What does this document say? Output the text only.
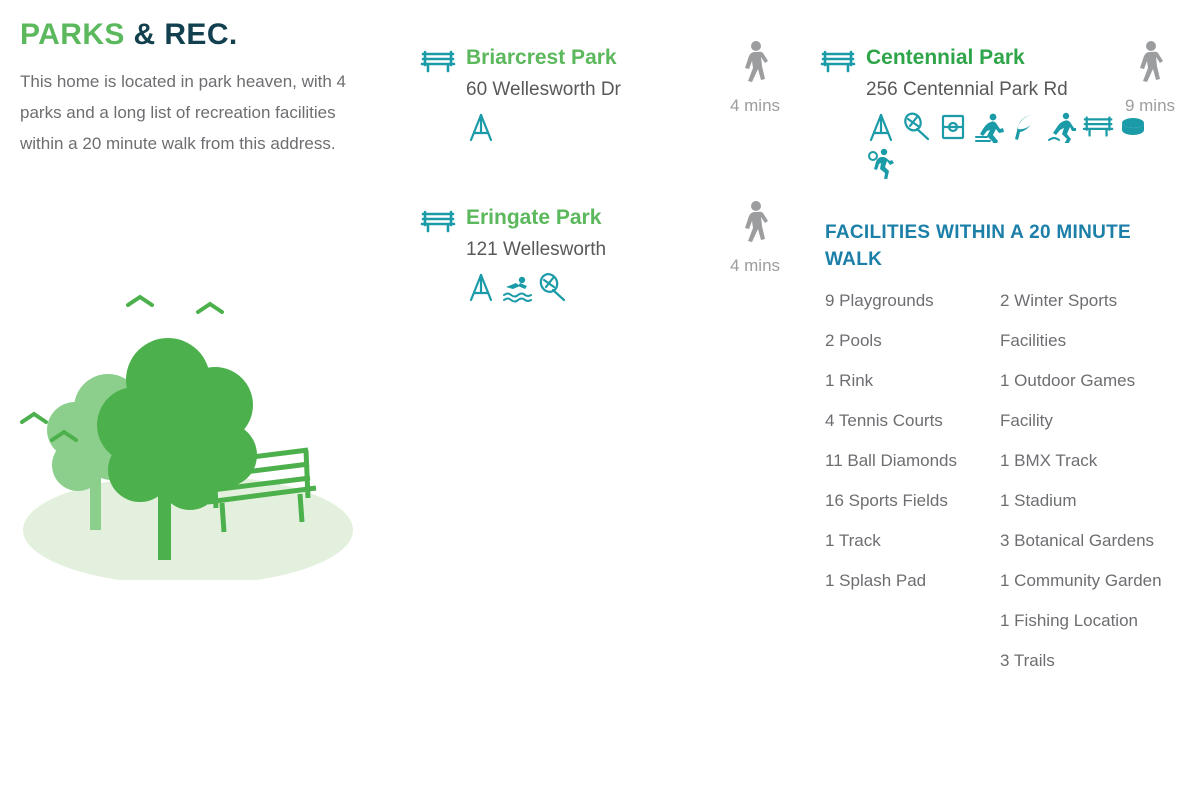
PARKS & REC.

This home is located in park heaven, with 4 parks and a long list of recreation facilities within a 20 minute walk from this address.

Briarcrest Park
60 Wellesworth Dr
4 mins
Eringate Park
121 Wellesworth
4 mins
Centennial Park
256 Centennial Park Rd
9 mins
FACILITIES WITHIN A 20 MINUTE WALK
9 Playgrounds
2 Pools
1 Rink
4 Tennis Courts
11 Ball Diamonds
16 Sports Fields
1 Track
1 Splash Pad
2 Winter Sports Facilities
1 Outdoor Games Facility
1 BMX Track
1 Stadium
3 Botanical Gardens
1 Community Garden
1 Fishing Location
3 Trails
